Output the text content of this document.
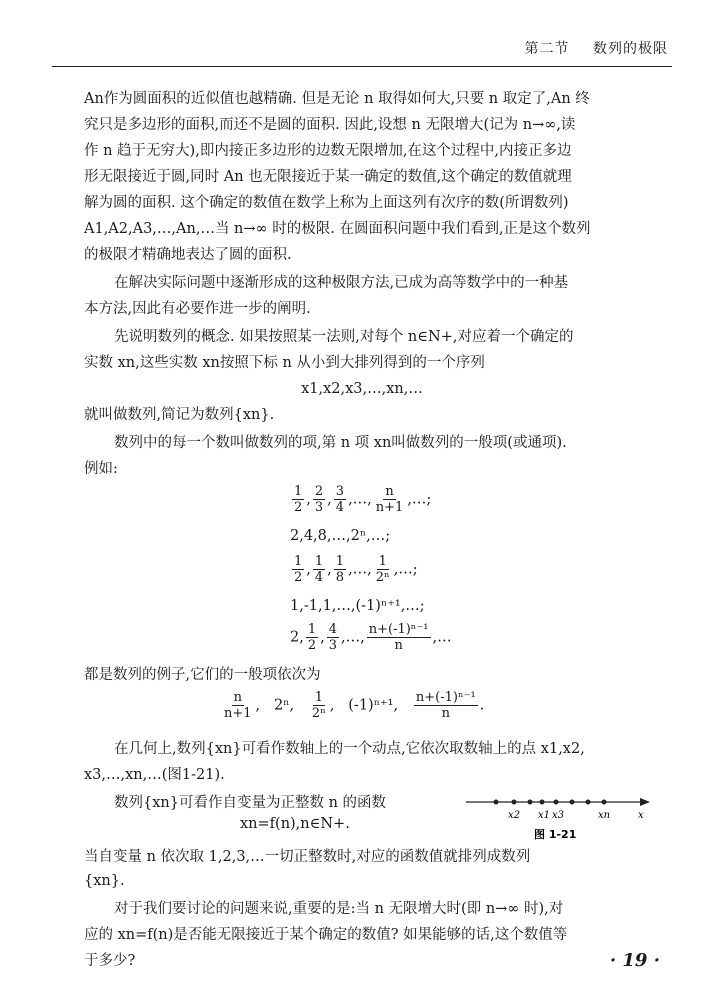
第二节 数列的极限

An作为圆面积的近似值也越精确. 但是无论 n 取得如何大,只要 n 取定了,An 终

究只是多边形的面积,而还不是圆的面积. 因此,设想 n 无限增大(记为 n→∞,读

作 n 趋于无穷大),即内接正多边形的边数无限增加,在这个过程中,内接正多边

形无限接近于圆,同时 An 也无限接近于某一确定的数值,这个确定的数值就理

解为圆的面积. 这个确定的数值在数学上称为上面这列有次序的数(所谓数列)

A1,A2,A3,…,An,…当 n→∞ 时的极限. 在圆面积问题中我们看到,正是这个数列

的极限才精确地表达了圆的面积.

在解决实际问题中逐渐形成的这种极限方法,已成为高等数学中的一种基

本方法,因此有必要作进一步的阐明.

先说明数列的概念. 如果按照某一法则,对每个 n∈N+,对应着一个确定的

实数 xn,这些实数 xn按照下标 n 从小到大排列得到的一个序列

x1,x2,x3,…,xn,…

就叫做数列,简记为数列{xn}.

数列中的每一个数叫做数列的项,第 n 项 xn叫做数列的一般项(或通项).

例如:

$\frac{1}{2}$ , $\frac{2}{3}$ , $\frac{3}{4}$ ,…, $\frac{n}{n+1}$ ,…;
2,4,8,…,2ⁿ,…;
$\frac{1}{2}$ , $\frac{1}{4}$ , $\frac{1}{8}$ ,…, $\frac{1}{\text{2ⁿ}}$ ,…;
1,-1,1,…,(-1)ⁿ⁺¹,…;
2, $\frac{1}{2}$ , $\frac{4}{3}$ ,…, $\frac{\text{n+(-1)ⁿ⁻¹}}{n}$ ,…

都是数列的例子,它们的一般项依次为

$\frac{n}{n+1}$ ,   2ⁿ, $\frac{1}{\text{2ⁿ}}$ ,   (-1)ⁿ⁺¹, $\frac{\text{n+(-1)ⁿ⁻¹}}{n}$ .

在几何上,数列{xn}可看作数轴上的一个动点,它依次取数轴上的点 x1,x2,

x3,…,xn,…(图1-21).

数列{xn}可看作自变量为正整数 n 的函数

xn=f(n),n∈N+.
x2 x1 x3	xn	x
图 1-21

当自变量 n 依次取 1,2,3,…一切正整数时,对应的函数值就排列成数列

{xn}.

对于我们要讨论的问题来说,重要的是:当 n 无限增大时(即 n→∞ 时),对

应的 xn=f(n)是否能无限接近于某个确定的数值? 如果能够的话,这个数值等

于多少?	· 19 ·
